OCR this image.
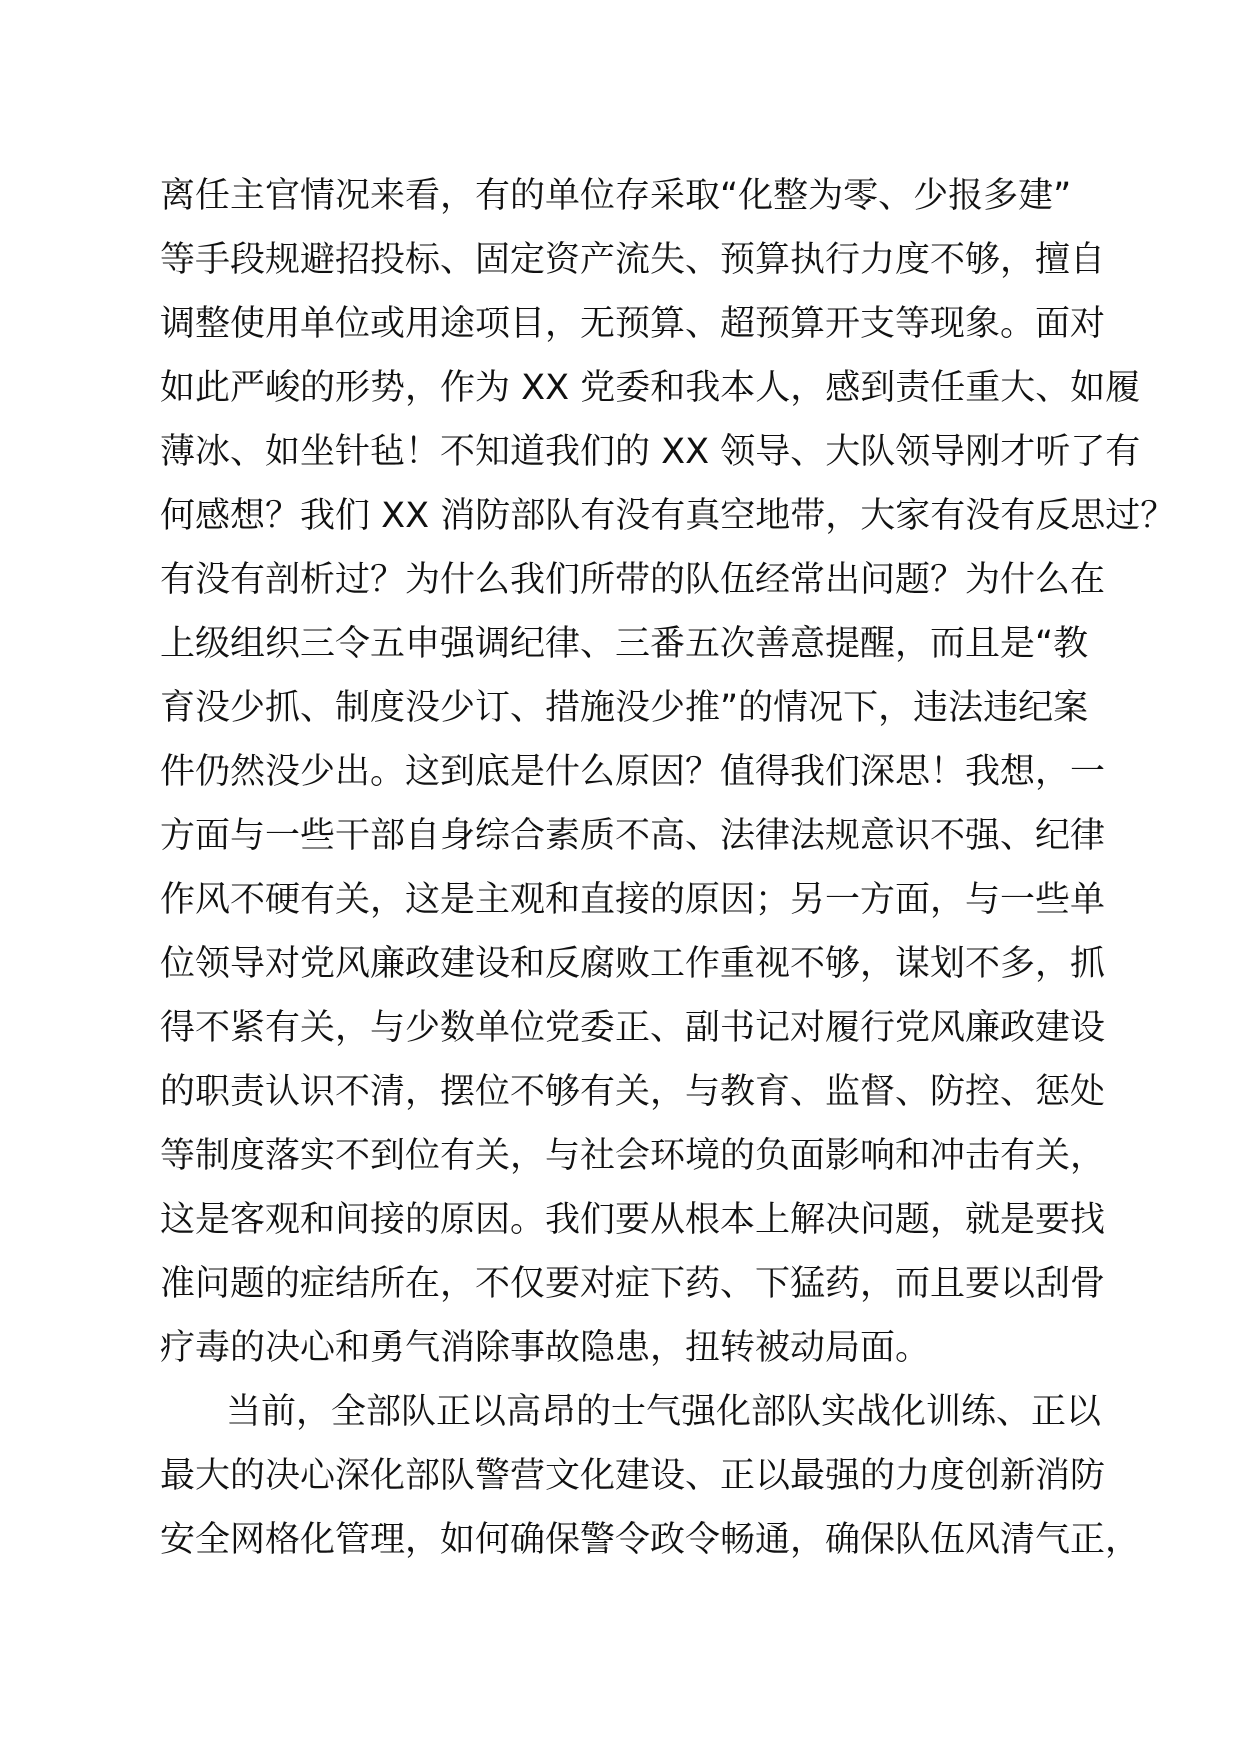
离任主官情况来看，有的单位存采取“化整为零、少报多建”
等手段规避招投标、固定资产流失、预算执行力度不够，擅自
调整使用单位或用途项目，无预算、超预算开支等现象。面对
如此严峻的形势，作为 XX 党委和我本人，感到责任重大、如履
薄冰、如坐针毡！不知道我们的 XX 领导、大队领导刚才听了有
何感想？我们 XX 消防部队有没有真空地带，大家有没有反思过？
有没有剖析过？为什么我们所带的队伍经常出问题？为什么在
上级组织三令五申强调纪律、三番五次善意提醒，而且是“教
育没少抓、制度没少订、措施没少推”的情况下，违法违纪案
件仍然没少出。这到底是什么原因？值得我们深思！我想，一
方面与一些干部自身综合素质不高、法律法规意识不强、纪律
作风不硬有关，这是主观和直接的原因；另一方面，与一些单
位领导对党风廉政建设和反腐败工作重视不够，谋划不多，抓
得不紧有关，与少数单位党委正、副书记对履行党风廉政建设
的职责认识不清，摆位不够有关，与教育、监督、防控、惩处
等制度落实不到位有关，与社会环境的负面影响和冲击有关，
这是客观和间接的原因。我们要从根本上解决问题，就是要找
准问题的症结所在，不仅要对症下药、下猛药，而且要以刮骨
疗毒的决心和勇气消除事故隐患，扭转被动局面。
当前，全部队正以高昂的士气强化部队实战化训练、正以
最大的决心深化部队警营文化建设、正以最强的力度创新消防
安全网格化管理，如何确保警令政令畅通，确保队伍风清气正，
